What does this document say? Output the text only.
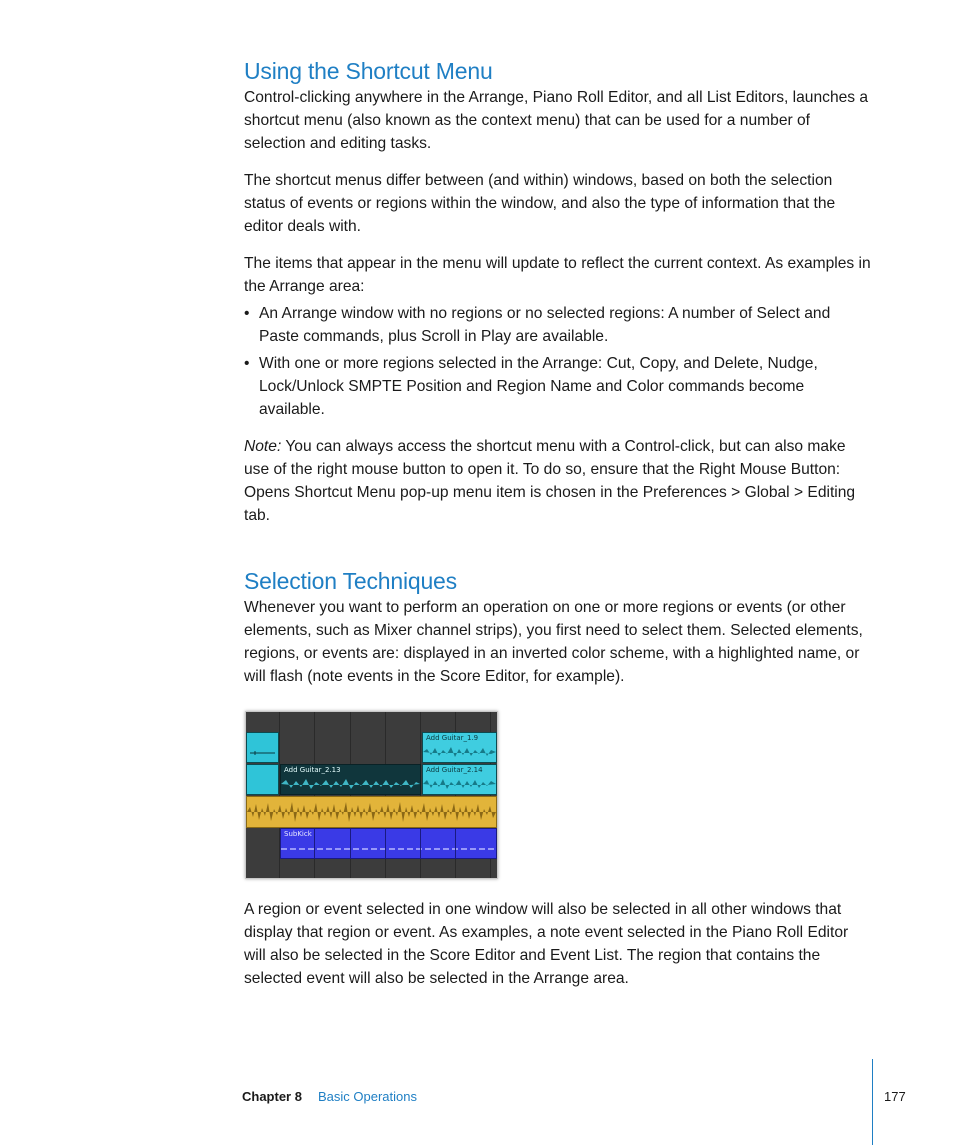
Using the Shortcut Menu

Control-clicking anywhere in the Arrange, Piano Roll Editor, and all List Editors, launches a shortcut menu (also known as the context menu) that can be used for a number of selection and editing tasks.

The shortcut menus differ between (and within) windows, based on both the selection status of events or regions within the window, and also the type of information that the editor deals with.

The items that appear in the menu will update to reflect the current context. As examples in the Arrange area:

• An Arrange window with no regions or no selected regions: A number of Select and Paste commands, plus Scroll in Play are available.
• With one or more regions selected in the Arrange: Cut, Copy, and Delete, Nudge, Lock/Unlock SMPTE Position and Region Name and Color commands become available.

Note: You can always access the shortcut menu with a Control-click, but can also make use of the right mouse button to open it. To do so, ensure that the Right Mouse Button: Opens Shortcut Menu pop-up menu item is chosen in the Preferences > Global > Editing tab.

Selection Techniques

Whenever you want to perform an operation on one or more regions or events (or other elements, such as Mixer channel strips), you first need to select them. Selected elements, regions, or events are: displayed in an inverted color scheme, with a highlighted name, or will flash (note events in the Score Editor, for example).

Add Guitar_1.9
Add Guitar_2.13	Add Guitar_2.14
SubKick

A region or event selected in one window will also be selected in all other windows that display that region or event. As examples, a note event selected in the Piano Roll Editor will also be selected in the Score Editor and Event List. The region that contains the selected event will also be selected in the Arrange area.

Chapter 8 Basic Operations	177
